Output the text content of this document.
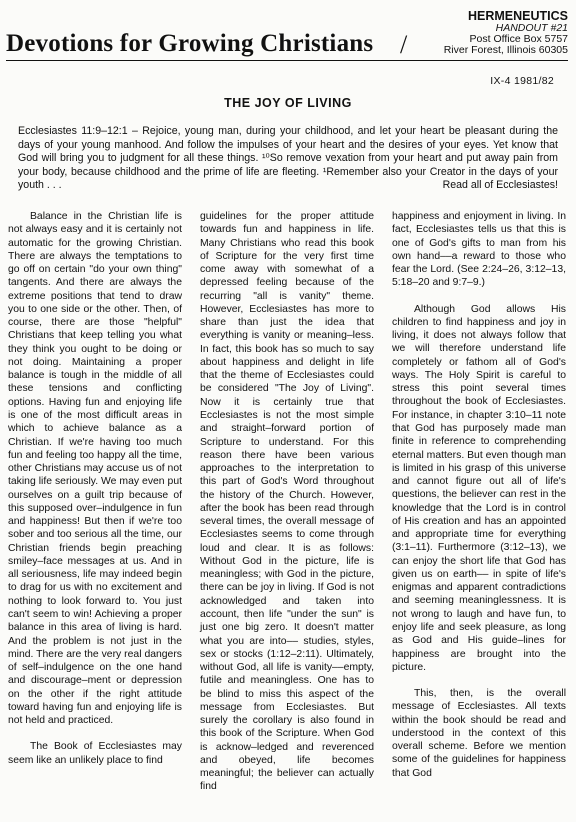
Devotions for Growing Christians /
HERMENEUTICS
HANDOUT #21
Post Office Box 5757
River Forest, Illinois 60305
IX-4 1981/82
THE JOY OF LIVING
Ecclesiastes 11:9–12:1 – Rejoice, young man, during your childhood, and let your heart be pleasant during the days of your young manhood. And follow the impulses of your heart and the desires of your eyes. Yet know that God will bring you to judgment for all these things. ¹⁰So remove vexation from your heart and put away pain from your body, because childhood and the prime of life are fleeting. ¹Remember also your Creator in the days of your youth . . .	Read all of Ecclesiastes!

Balance in the Christian life is not always easy and it is certainly not automatic for the growing Christian. There are always the temptations to go off on certain "do your own thing" tangents. And there are always the extreme positions that tend to draw you to one side or the other. Then, of course, there are those "helpful" Christians that keep telling you what they think you ought to be doing or not doing. Maintaining a proper balance is tough in the middle of all these tensions and conflicting options. Having fun and enjoying life is one of the most difficult areas in which to achieve balance as a Christian. If we're having too much fun and feeling too happy all the time, other Christians may accuse us of not taking life seriously. We may even put ourselves on a guilt trip because of this supposed over–indulgence in fun and happiness! But then if we're too sober and too serious all the time, our Christian friends begin preaching smiley–face messages at us. And in all seriousness, life may indeed begin to drag for us with no excitement and nothing to look forward to. You just can't seem to win! Achieving a proper balance in this area of living is hard. And the problem is not just in the mind. There are the very real dangers of self–indulgence on the one hand and discourage–ment or depression on the other if the right attitude toward having fun and enjoying life is not held and practiced.

The Book of Ecclesiastes may seem like an unlikely place to find

guidelines for the proper attitude towards fun and happiness in life. Many Christians who read this book of Scripture for the very first time come away with somewhat of a depressed feeling because of the recurring "all is vanity" theme. However, Ecclesiastes has more to share than just the idea that everything is vanity or meaning–less. In fact, this book has so much to say about happiness and delight in life that the theme of Ecclesiastes could be considered "The Joy of Living". Now it is certainly true that Ecclesiastes is not the most simple and straight–forward portion of Scripture to understand. For this reason there have been various approaches to the interpretation to this part of God's Word throughout the history of the Church. However, after the book has been read through several times, the overall message of Ecclesiastes seems to come through loud and clear. It is as follows: Without God in the picture, life is meaningless; with God in the picture, there can be joy in living. If God is not acknowledged and taken into account, then life "under the sun" is just one big zero. It doesn't matter what you are into–– studies, styles, sex or stocks (1:12–2:11). Ultimately, without God, all life is vanity––empty, futile and meaningless. One has to be blind to miss this aspect of the message from Ecclesiastes. But surely the corollary is also found in this book of the Scripture. When God is acknow–ledged and reverenced and obeyed, life becomes meaningful; the believer can actually find

happiness and enjoyment in living. In fact, Ecclesiastes tells us that this is one of God's gifts to man from his own hand––a reward to those who fear the Lord. (See 2:24–26, 3:12–13, 5:18–20 and 9:7–9.)

Although God allows His children to find happiness and joy in living, it does not always follow that we will therefore understand life completely or fathom all of God's ways. The Holy Spirit is careful to stress this point several times throughout the book of Ecclesiastes. For instance, in chapter 3:10–11 note that God has purposely made man finite in reference to comprehending eternal matters. But even though man is limited in his grasp of this universe and cannot figure out all of life's questions, the believer can rest in the knowledge that the Lord is in control of His creation and has an appointed and appropriate time for everything (3:1–11). Furthermore (3:12–13), we can enjoy the short life that God has given us on earth–– in spite of life's enigmas and apparent contradictions and seeming meaninglessness. It is not wrong to laugh and have fun, to enjoy life and seek pleasure, as long as God and His guide–lines for happiness are brought into the picture.

This, then, is the overall message of Ecclesiastes. All texts within the book should be read and understood in the context of this overall scheme. Before we mention some of the guidelines for happiness that God
